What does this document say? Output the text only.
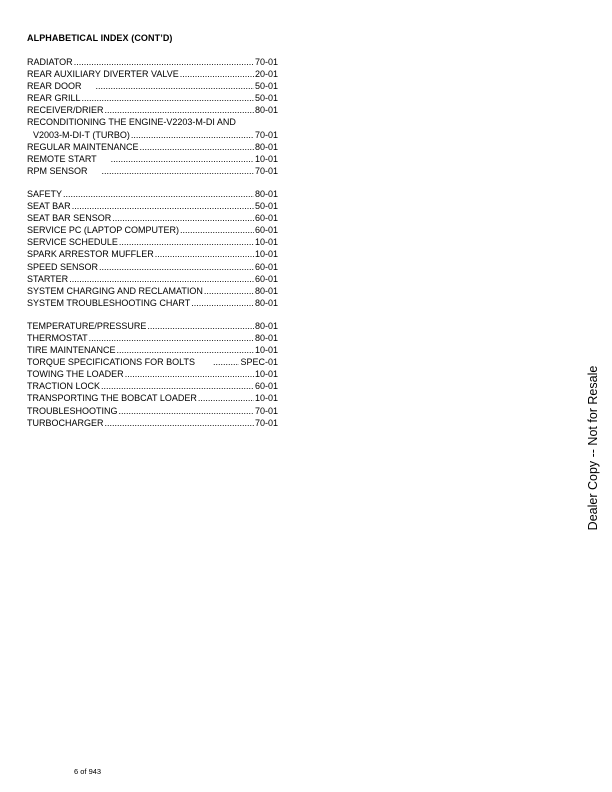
ALPHABETICAL INDEX (CONT’D)
RADIATOR .....	70-01
REAR AUXILIARY DIVERTER VALVE .....	20-01
REAR DOOR .....	50-01
REAR GRILL .....	50-01
RECEIVER/DRIER .....	80-01
RECONDITIONING THE ENGINE-V2203-M-DI AND
V2003-M-DI-T (TURBO) .....	70-01
REGULAR MAINTENANCE .....	80-01
REMOTE START .....	10-01
RPM SENSOR .....	70-01
SAFETY .....	80-01
SEAT BAR .....	50-01
SEAT BAR SENSOR .....	60-01
SERVICE PC (LAPTOP COMPUTER) .....	60-01
SERVICE SCHEDULE .....	10-01
SPARK ARRESTOR MUFFLER .....	10-01
SPEED SENSOR .....	60-01
STARTER .....	60-01
SYSTEM CHARGING AND RECLAMATION .....	80-01
SYSTEM TROUBLESHOOTING CHART .....	80-01
TEMPERATURE/PRESSURE .....	80-01
THERMOSTAT .....	80-01
TIRE MAINTENANCE .....	10-01
TORQUE SPECIFICATIONS FOR BOLTS .....	SPEC-01
TOWING THE LOADER .....	10-01
TRACTION LOCK .....	60-01
TRANSPORTING THE BOBCAT LOADER .....	10-01
TROUBLESHOOTING .....	70-01
TURBOCHARGER .....	70-01	Dealer Copy -- Not for Resale
6 of 943
